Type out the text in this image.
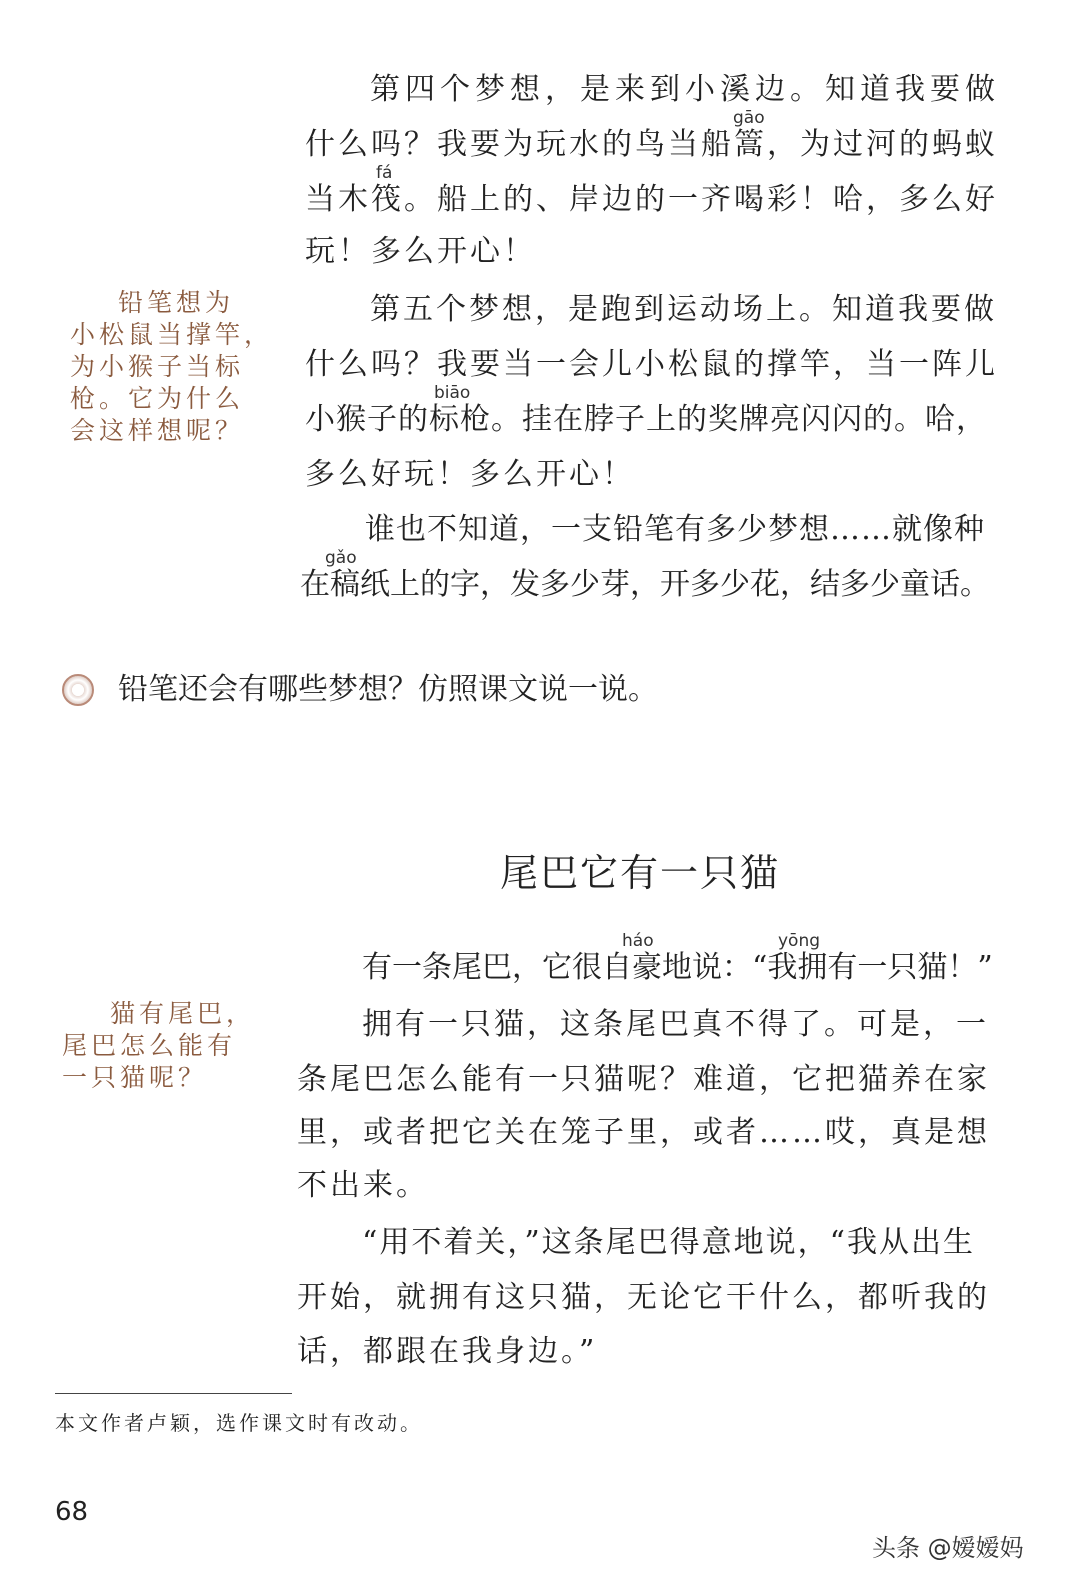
第四个梦想，是来到小溪边。知道我要做
gāo
什么吗？我要为玩水的鸟当船篙，为过河的蚂蚁
fá
当木筏。船上的、岸边的一齐喝彩！哈，多么好
玩！多么开心！
第五个梦想，是跑到运动场上。知道我要做
什么吗？我要当一会儿小松鼠的撑竿，当一阵儿
biāo
小猴子的标枪。挂在脖子上的奖牌亮闪闪的。哈，
多么好玩！多么开心！
谁也不知道，一支铅笔有多少梦想……就像种
gǎo
在稿纸上的字，发多少芽，开多少花，结多少童话。
铅笔想为
小松鼠当撑竿，
为小猴子当标
枪。它为什么
会这样想呢？
铅笔还会有哪些梦想？仿照课文说一说。
尾巴它有一只猫
háo	yōng
有一条尾巴，它很自豪地说：“我拥有一只猫！”
拥有一只猫，这条尾巴真不得了。可是，一
条尾巴怎么能有一只猫呢？难道，它把猫养在家
里，或者把它关在笼子里，或者……哎，真是想
不出来。
“用不着关，”这条尾巴得意地说，“我从出生
开始，就拥有这只猫，无论它干什么，都听我的
话，都跟在我身边。”
猫有尾巴，
尾巴怎么能有
一只猫呢？
本文作者卢颖，选作课文时有改动。
68
头条 @嫒嫒妈
